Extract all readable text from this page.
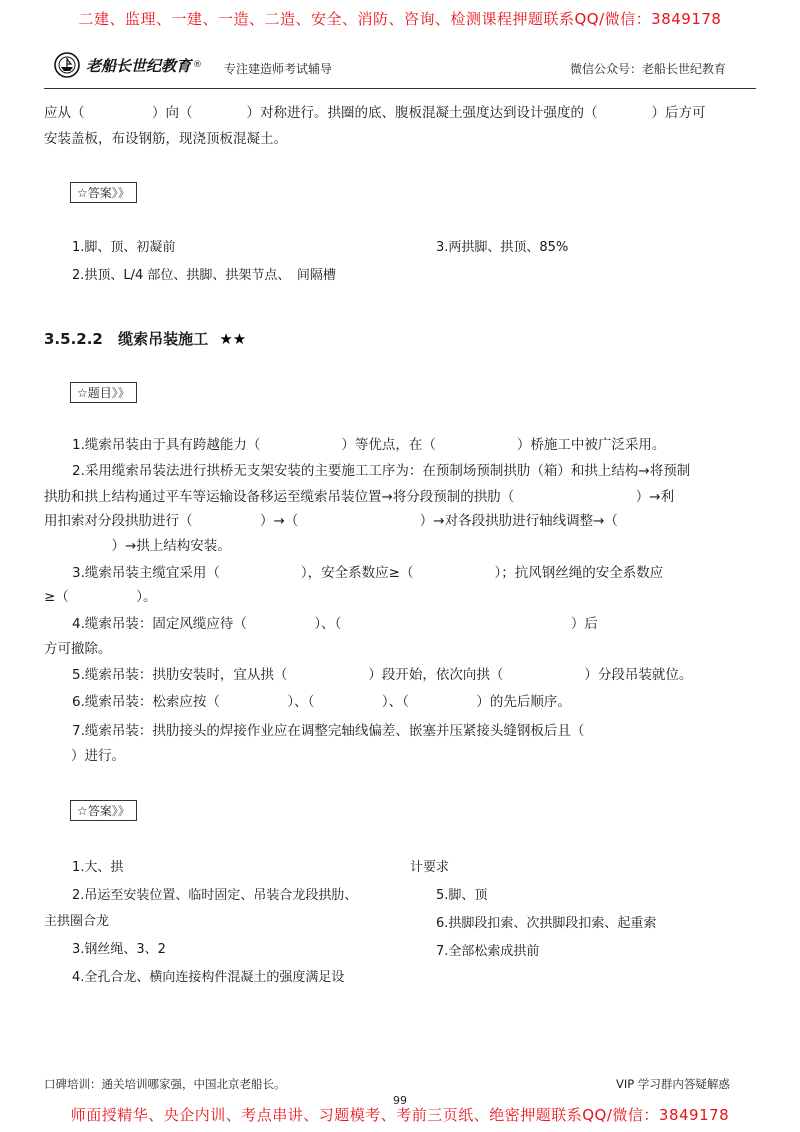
二建、监理、一建、一造、二造、安全、消防、咨询、检测课程押题联系QQ/微信：3849178
老船长世纪教育 ® 专注建造师考试辅导	微信公众号：老船长世纪教育
应从（　　　　　）向（　　　　）对称进行。拱圈的底、腹板混凝土强度达到设计强度的（　　　　）后方可
安装盖板，布设钢筋，现浇顶板混凝土。
☆答案》》
1.脚、顶、初凝前	3.两拱脚、拱顶、85%
2.拱顶、L/4 部位、拱脚、拱架节点、　间隔槽
3.5.2.2 缆索吊装施工 ★★
☆题目》》
1.缆索吊装由于具有跨越能力（　　　　　　）等优点，在（　　　　　　）桥施工中被广泛采用。
2.采用缆索吊装法进行拱桥无支架安装的主要施工工序为：在预制场预制拱肋（箱）和拱上结构→将预制
拱肋和拱上结构通过平车等运输设备移运至缆索吊装位置→将分段预制的拱肋（　　　　　　　　　）→利
用扣索对分段拱肋进行（　　　　　）→（　　　　　　　　　）→对各段拱肋进行轴线调整→（　　　　
　　　　　）→拱上结构安装。
3.缆索吊装主缆宜采用（　　　　　　），安全系数应≥（　　　　　　）；抗风钢丝绳的安全系数应
≥（　　　　　）。
4.缆索吊装：固定风缆应待（　　　　　）、（　　　　　　　　　　　　　　　　　）后
方可撤除。
5.缆索吊装：拱肋安装时，宜从拱（　　　　　　）段开始，依次向拱（　　　　　　）分段吊装就位。
6.缆索吊装：松索应按（　　　　　）、（　　　　　）、（　　　　　）的先后顺序。
7.缆索吊装：拱肋接头的焊接作业应在调整完轴线偏差、嵌塞并压紧接头缝钢板后且（　　　　　　　
　　）进行。
☆答案》》
1.大、拱
2.吊运至安装位置、临时固定、吊装合龙段拱肋、
主拱圈合龙
3.钢丝绳、3、2
4.全孔合龙、横向连接构件混凝土的强度满足设
计要求
5.脚、顶
6.拱脚段扣索、次拱脚段扣索、起重索
7.全部松索成拱前
口碑培训：通关培训哪家强，中国北京老船长。	VIP 学习群内答疑解惑
99
师面授精华、央企内训、考点串讲、习题模考、考前三页纸、绝密押题联系QQ/微信：3849178
